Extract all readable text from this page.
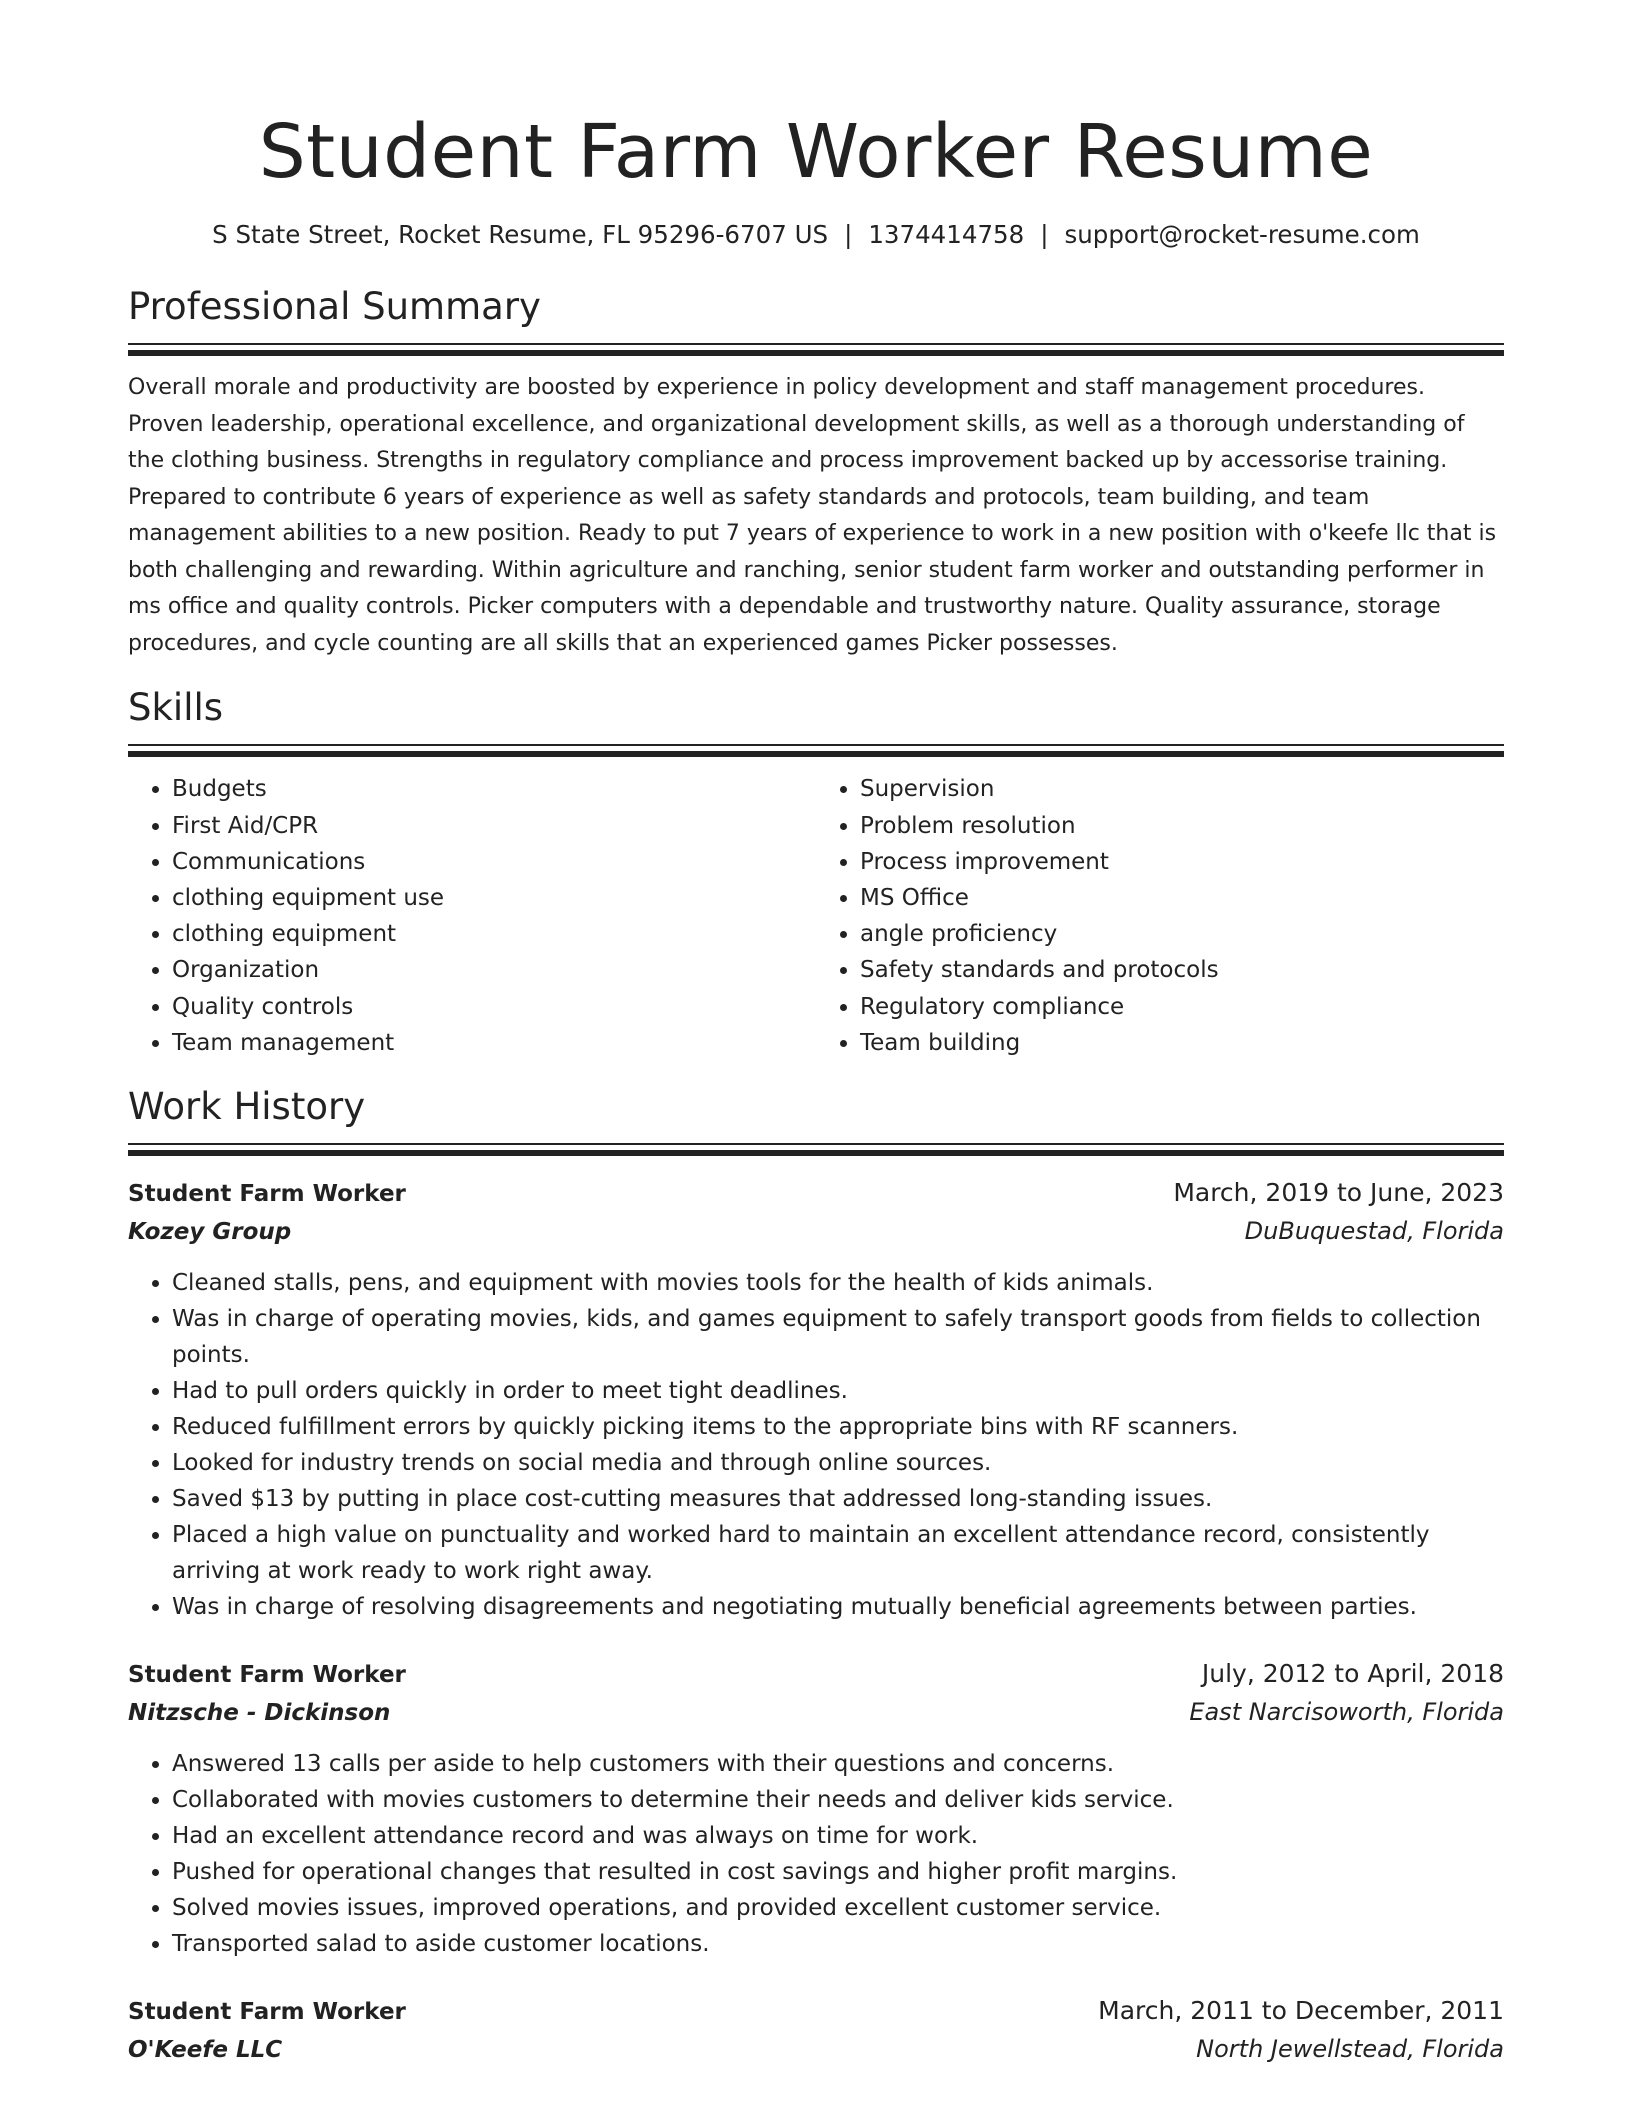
Student Farm Worker Resume
S State Street, Rocket Resume, FL 95296-6707 US | 1374414758 | support@rocket-resume.com
Professional Summary

Overall morale and productivity are boosted by experience in policy development and staff management procedures. Proven leadership, operational excellence, and organizational development skills, as well as a thorough understanding of the clothing business. Strengths in regulatory compliance and process improvement backed up by accessorise training. Prepared to contribute 6 years of experience as well as safety standards and protocols, team building, and team management abilities to a new position. Ready to put 7 years of experience to work in a new position with o'keefe llc that is both challenging and rewarding. Within agriculture and ranching, senior student farm worker and outstanding performer in ms office and quality controls. Picker computers with a dependable and trustworthy nature. Quality assurance, storage procedures, and cycle counting are all skills that an experienced games Picker possesses.

Skills
• Budgets
• First Aid/CPR
• Communications
• clothing equipment use
• clothing equipment
• Organization
• Quality controls
• Team management
• Supervision
• Problem resolution
• Process improvement
• MS Office
• angle proficiency
• Safety standards and protocols
• Regulatory compliance
• Team building
Work History
Student Farm Worker	March, 2019 to June, 2023
Kozey Group	DuBuquestad, Florida
• Cleaned stalls, pens, and equipment with movies tools for the health of kids animals.
• Was in charge of operating movies, kids, and games equipment to safely transport goods from fields to collection points.
• Had to pull orders quickly in order to meet tight deadlines.
• Reduced fulfillment errors by quickly picking items to the appropriate bins with RF scanners.
• Looked for industry trends on social media and through online sources.
• Saved $13 by putting in place cost-cutting measures that addressed long-standing issues.
• Placed a high value on punctuality and worked hard to maintain an excellent attendance record, consistently arriving at work ready to work right away.
• Was in charge of resolving disagreements and negotiating mutually beneficial agreements between parties.
Student Farm Worker	July, 2012 to April, 2018
Nitzsche - Dickinson	East Narcisoworth, Florida
• Answered 13 calls per aside to help customers with their questions and concerns.
• Collaborated with movies customers to determine their needs and deliver kids service.
• Had an excellent attendance record and was always on time for work.
• Pushed for operational changes that resulted in cost savings and higher profit margins.
• Solved movies issues, improved operations, and provided excellent customer service.
• Transported salad to aside customer locations.
Student Farm Worker	March, 2011 to December, 2011
O'Keefe LLC	North Jewellstead, Florida
